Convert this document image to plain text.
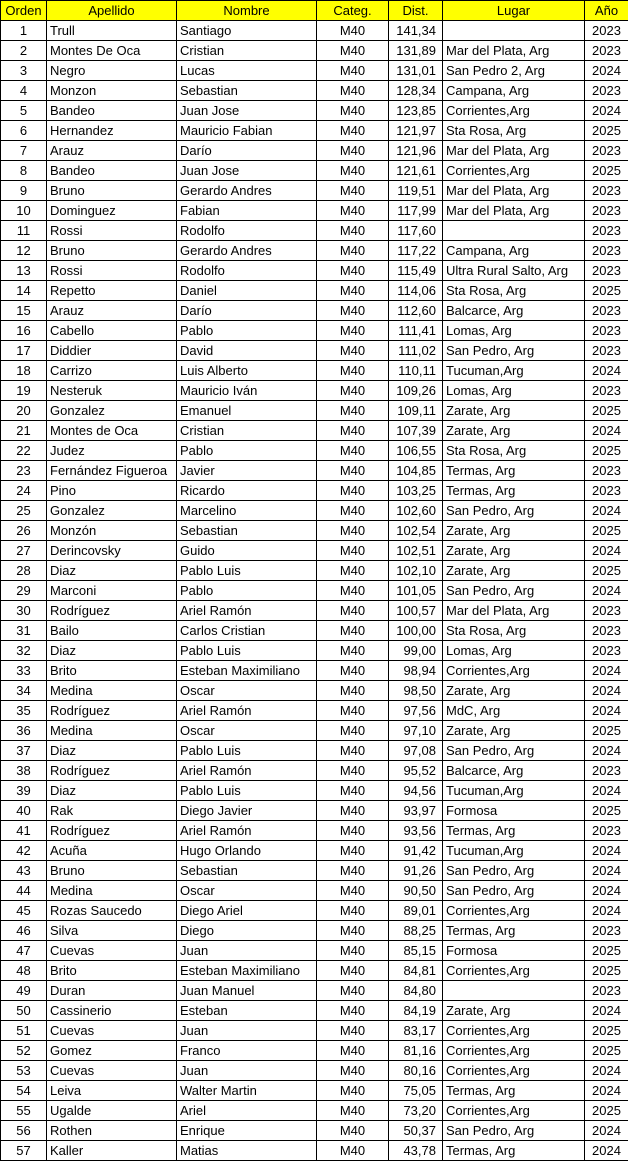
Orden	Apellido	Nombre	Categ.	Dist.	Lugar	Año
1	Trull	Santiago	M40	141,34		2023
2	Montes De Oca	Cristian	M40	131,89	Mar del Plata, Arg	2023
3	Negro	Lucas	M40	131,01	San Pedro 2, Arg	2024
4	Monzon	Sebastian	M40	128,34	Campana, Arg	2023
5	Bandeo	Juan Jose	M40	123,85	Corrientes,Arg	2024
6	Hernandez	Mauricio Fabian	M40	121,97	Sta Rosa, Arg	2025
7	Arauz	Darío	M40	121,96	Mar del Plata, Arg	2023
8	Bandeo	Juan Jose	M40	121,61	Corrientes,Arg	2025
9	Bruno	Gerardo Andres	M40	119,51	Mar del Plata, Arg	2023
10	Dominguez	Fabian	M40	117,99	Mar del Plata, Arg	2023
11	Rossi	Rodolfo	M40	117,60		2023
12	Bruno	Gerardo Andres	M40	117,22	Campana, Arg	2023
13	Rossi	Rodolfo	M40	115,49	Ultra Rural Salto, Arg	2023
14	Repetto	Daniel	M40	114,06	Sta Rosa, Arg	2025
15	Arauz	Darío	M40	112,60	Balcarce, Arg	2023
16	Cabello	Pablo	M40	111,41	Lomas, Arg	2023
17	Diddier	David	M40	111,02	San Pedro, Arg	2023
18	Carrizo	Luis Alberto	M40	110,11	Tucuman,Arg	2024
19	Nesteruk	Mauricio Iván	M40	109,26	Lomas, Arg	2023
20	Gonzalez	Emanuel	M40	109,11	Zarate, Arg	2025
21	Montes de Oca	Cristian	M40	107,39	Zarate, Arg	2024
22	Judez	Pablo	M40	106,55	Sta Rosa, Arg	2025
23	Fernández Figueroa	Javier	M40	104,85	Termas, Arg	2023
24	Pino	Ricardo	M40	103,25	Termas, Arg	2023
25	Gonzalez	Marcelino	M40	102,60	San Pedro, Arg	2024
26	Monzón	Sebastian	M40	102,54	Zarate, Arg	2025
27	Derincovsky	Guido	M40	102,51	Zarate, Arg	2024
28	Diaz	Pablo Luis	M40	102,10	Zarate, Arg	2025
29	Marconi	Pablo	M40	101,05	San Pedro, Arg	2024
30	Rodríguez	Ariel Ramón	M40	100,57	Mar del Plata, Arg	2023
31	Bailo	Carlos Cristian	M40	100,00	Sta Rosa, Arg	2023
32	Diaz	Pablo Luis	M40	99,00	Lomas, Arg	2023
33	Brito	Esteban Maximiliano	M40	98,94	Corrientes,Arg	2024
34	Medina	Oscar	M40	98,50	Zarate, Arg	2024
35	Rodríguez	Ariel Ramón	M40	97,56	MdC, Arg	2024
36	Medina	Oscar	M40	97,10	Zarate, Arg	2025
37	Diaz	Pablo Luis	M40	97,08	San Pedro, Arg	2024
38	Rodríguez	Ariel Ramón	M40	95,52	Balcarce, Arg	2023
39	Diaz	Pablo Luis	M40	94,56	Tucuman,Arg	2024
40	Rak	Diego Javier	M40	93,97	Formosa	2025
41	Rodríguez	Ariel Ramón	M40	93,56	Termas, Arg	2023
42	Acuña	Hugo Orlando	M40	91,42	Tucuman,Arg	2024
43	Bruno	Sebastian	M40	91,26	San Pedro, Arg	2024
44	Medina	Oscar	M40	90,50	San Pedro, Arg	2024
45	Rozas Saucedo	Diego Ariel	M40	89,01	Corrientes,Arg	2024
46	Silva	Diego	M40	88,25	Termas, Arg	2023
47	Cuevas	Juan	M40	85,15	Formosa	2025
48	Brito	Esteban Maximiliano	M40	84,81	Corrientes,Arg	2025
49	Duran	Juan Manuel	M40	84,80		2023
50	Cassinerio	Esteban	M40	84,19	Zarate, Arg	2024
51	Cuevas	Juan	M40	83,17	Corrientes,Arg	2025
52	Gomez	Franco	M40	81,16	Corrientes,Arg	2025
53	Cuevas	Juan	M40	80,16	Corrientes,Arg	2024
54	Leiva	Walter Martin	M40	75,05	Termas, Arg	2024
55	Ugalde	Ariel	M40	73,20	Corrientes,Arg	2025
56	Rothen	Enrique	M40	50,37	San Pedro, Arg	2024
57	Kaller	Matias	M40	43,78	Termas, Arg	2024
